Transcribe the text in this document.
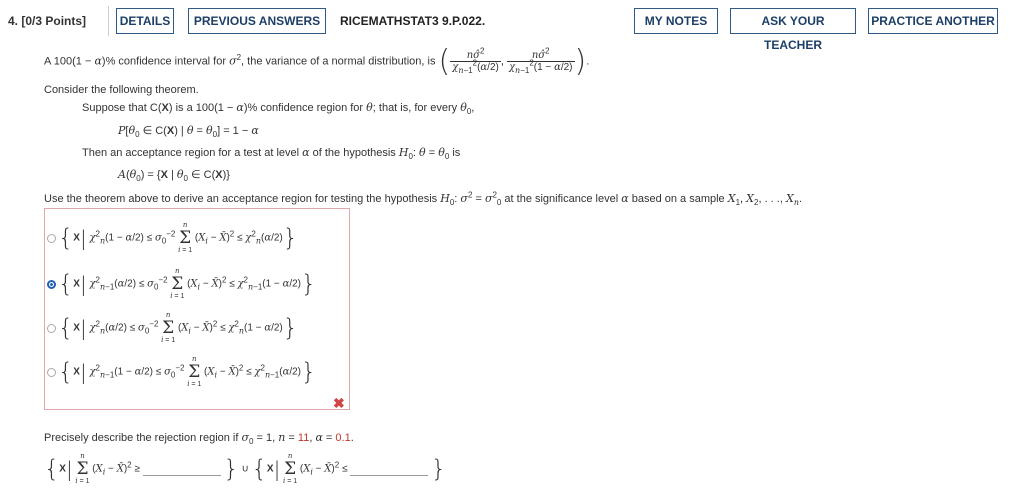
4. [0/3 Points]	DETAILS	PREVIOUS ANSWERS	RICEMATHSTAT3 9.P.022.	MY NOTES	ASK YOUR TEACHER
PRACTICE ANOTHER
A 100(1 − α)% confidence interval for $\sigma^2$, the variance of a normal distribution, is ( $\frac{n\sigmâ^2}{\chi_{n-1}^2(\alpha/2)}$ , $\frac{n\sigmâ^2}{\chi_{n-1}^2(1 - \alpha/2)}$ ).
Consider the following theorem.
Suppose that C(X) is a 100(1 − α)% confidence region for θ; that is, for every $\theta_0$,
$P[\theta_0$ ∈ C(X) | $\theta = \theta_0] = 1 - \alpha$
Then an acceptance region for a test at level α of the hypothesis $H_0$: $\theta = \theta_0$ is
$A(\theta_0) = \{X$ | $\theta_0$ ∈ C(X)}
Use the theorem above to derive an acceptance region for testing the hypothesis $H_0$: $\sigma^2 = \sigma^2_0$ at the significance level α based on a sample $X_1$, $X_2$, . . ., $X_n$.
{X| $\chi^2_n(1 - \alpha/2) \le \sigma_0^{-2}$
n
Σ
i = 1
($X_i$ − X̄)$^2$ ≤ $\chi^2_n(\alpha/2)$}
{X| $\chi^2_{n-1}(\alpha/2) \le \sigma_0^{-2}$
n
Σ
i = 1
($X_i$ − X̄)$^2$ ≤ $\chi^2_{n-1}(1 - \alpha/2)$}
{X| $\chi^2_n(\alpha/2) \le \sigma_0^{-2}$
n
Σ
i = 1
($X_i$ − X̄)$^2$ ≤ $\chi^2_n(1 - \alpha/2)$}
{X| $\chi^2_{n-1}(1 - \alpha/2) \le \sigma_0^{-2}$
n
Σ
i = 1
($X_i$ − X̄)$^2$ ≤ $\chi^2_{n-1}(\alpha/2)$}
✖
Precisely describe the rejection region if $\sigma_0 = 1$, n = 11, α = 0.1.
{X|
n
Σ
i = 1
($X_i$ − X̄)$^2$ ≥	} ∪ {X|
n
Σ
i = 1
($X_i$ − X̄)$^2$ ≤	}
